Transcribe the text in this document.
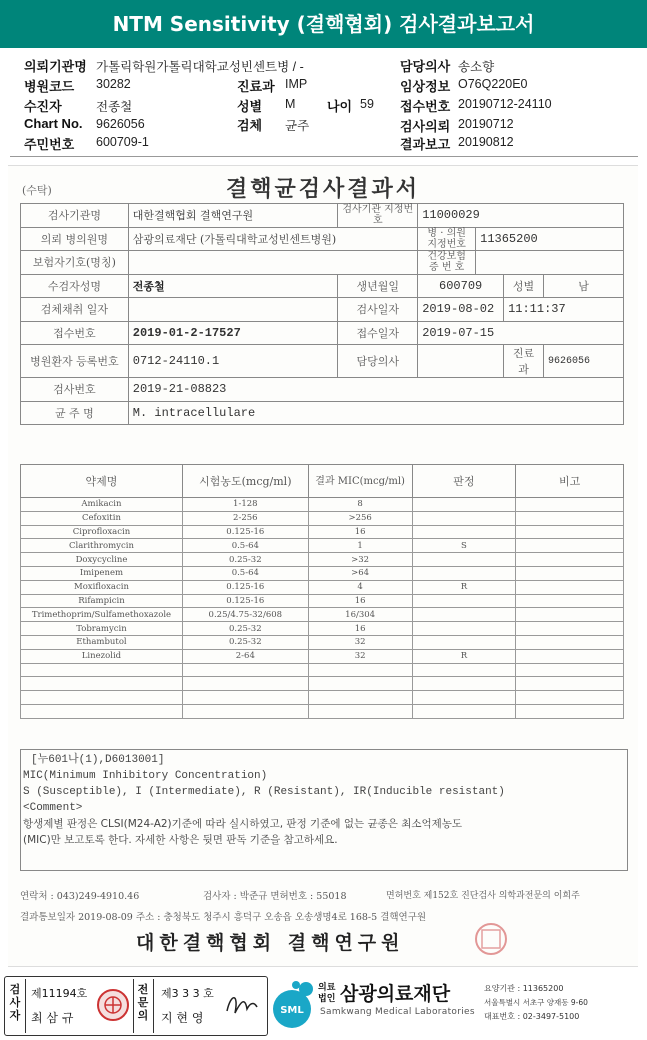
NTM Sensitivity (결핵협회) 검사결과보고서
의뢰기관명 가톨릭학원가톨릭대학교성빈센트병 / -	담당의사 송소향
병원코드 30282	진료과 IMP	임상정보 O76Q220E0
수진자	전종철	성별 M 나이 59 접수번호 20190712-24110
Chart No. 9626056	검체 균주	검사의뢰 20190712
주민번호 600709-1	결과보고 20190812
(수탁)	결핵균검사결과서
검사기관명	대한결핵협회 결핵연구원	검사기관 지정번호	11000029			
의뢰 병의원명	삼광의료재단 (가톨릭대학교성빈센트병원)		병 · 의원 지정번호	11365200		
보험자기호(명칭)			건강보험 증 번 호			
수검자성명	전종철	생년월일	600709		성별	남
검체채취 일자		검사일자	2019-08-02		11:11:37	
접수번호	2019-01-2-17527	접수일자	2019-07-15			
병원환자 등록번호	0712-24110.1	담당의사			진료과	9626056
검사번호	2019-21-08823					
균 주 명	M. intracellulare					
약제명	시험농도(mcg/ml)	결과 MIC(mcg/ml)	판정	비고
Amikacin	1-128	8		
Cefoxitin	2-256	>256		
Ciprofloxacin	0.125-16	16		
Clarithromycin	0.5-64	1	S	
Doxycycline	0.25-32	>32		
Imipenem	0.5-64	>64		
Moxifloxacin	0.125-16	4	R	
Rifampicin	0.125-16	16		
Trimethoprim/Sulfamethoxazole	0.25/4.75-32/608	16/304		
Tobramycin	0.25-32	16		
Ethambutol	0.25-32	32		
Linezolid	2-64	32	R	

[누601나(1),D6013001]
MIC(Minimum Inhibitory Concentration)
S (Susceptible), I (Intermediate), R (Resistant), IR(Inducible resistant)
<Comment>
항생제별 판정은 CLSI(M24-A2)기준에 따라 실시하였고, 판정 기준에 없는 균종은 최소억제농도
(MIC)만 보고토록 한다. 자세한 사항은 뒷면 판독 기준을 참고하세요.
연락처 : 043)249-4910.46	검사자 : 박준규 면허번호 : 55018	면허번호 제152호 진단검사 의학과전문의 이희주
결과통보일자 2019-08-09 주소 : 충청북도 청주시 흥덕구 오송읍 오송생명4로 168-5 결핵연구원
대한결핵협회 결핵연구원
검사자
제11194호
최 삼 규
전문의
제3 3 3 호
지 현 영
SML
의료법인 삼광의료재단
Samkwang Medical Laboratories
요양기관 : 11365200
서울특별시 서초구 양재동 9-60
대표번호 : 02-3497-5100
